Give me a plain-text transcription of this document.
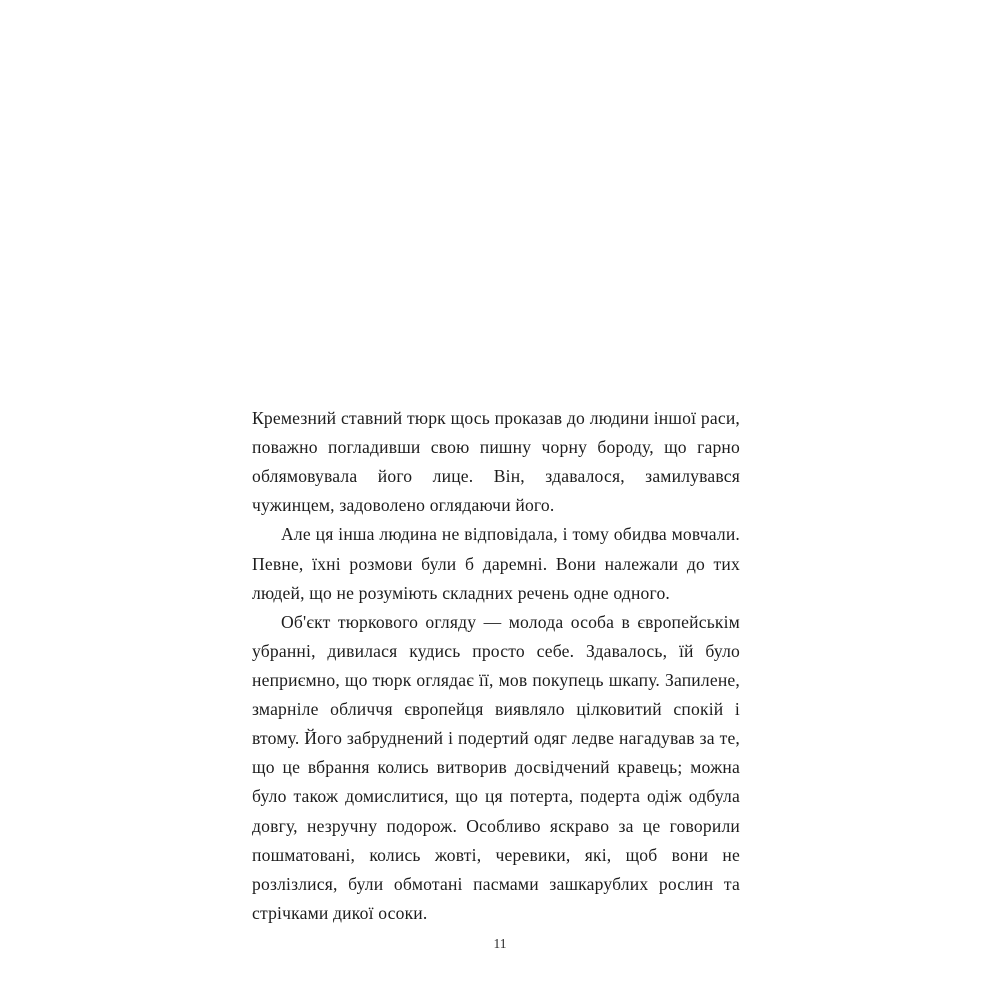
Кремезний ставний тюрк щось проказав до людини іншої раси, поважно погладивши свою пишну чорну бороду, що гарно облямовувала його лице. Він, здавалося, замилувався чужинцем, задоволено оглядаючи його.

Але ця інша людина не відповідала, і тому обидва мовчали. Певне, їхні розмови були б даремні. Вони належали до тих людей, що не розуміють складних речень одне одного.

Об'єкт тюркового огляду — молода особа в європейськім убранні, дивилася кудись просто себе. Здавалось, їй було неприємно, що тюрк оглядає її, мов покупець шкапу. Запилене, змарніле обличчя європейця виявляло цілковитий спокій і втому. Його забруднений і подертий одяг ледве нагадував за те, що це вбрання колись витворив досвідчений кравець; можна було також домислитися, що ця потерта, подерта одіж одбула довгу, незручну подорож. Особливо яскраво за це говорили пошматовані, колись жовті, черевики, які, щоб вони не розлізлися, були обмотані пасмами зашкарублих рослин та стрічками дикої осоки.

11
